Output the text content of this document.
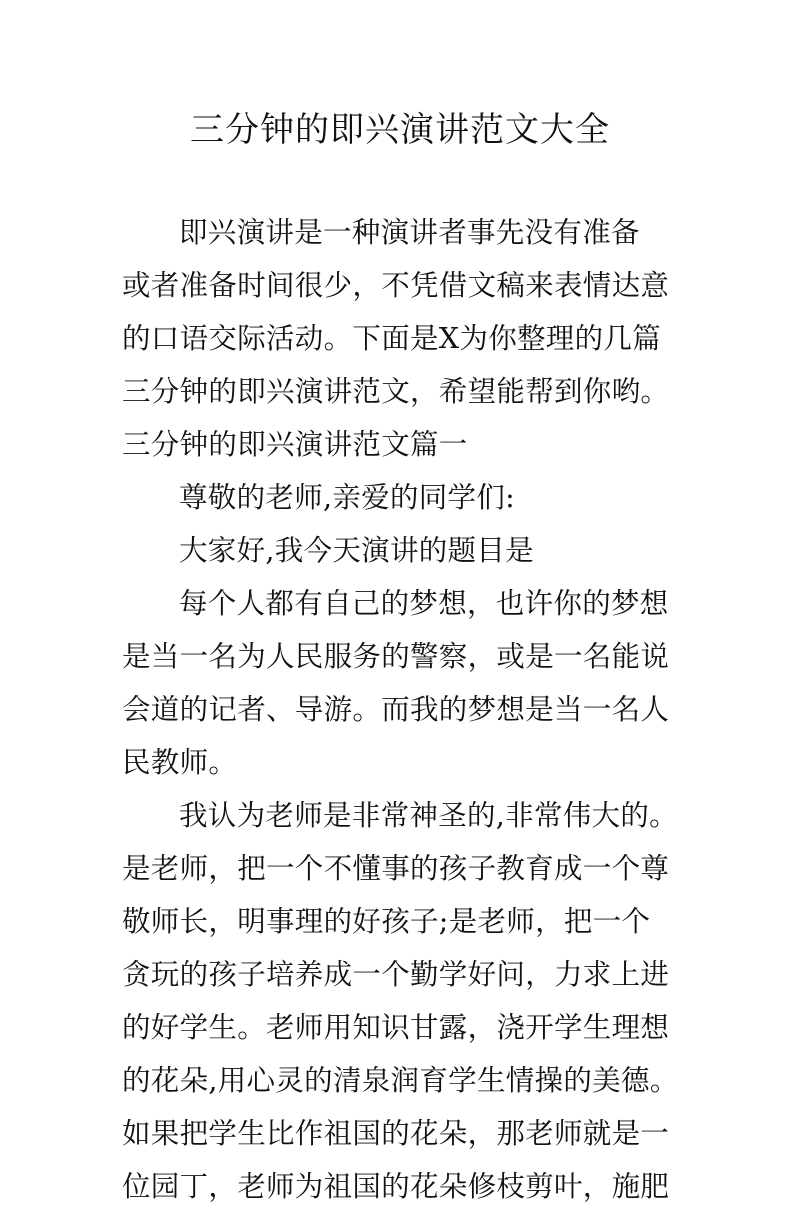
三分钟的即兴演讲范文大全
即兴演讲是一种演讲者事先没有准备
或者准备时间很少，不凭借文稿来表情达意
的口语交际活动。下面是X为你整理的几篇
三分钟的即兴演讲范文，希望能帮到你哟。
三分钟的即兴演讲范文篇一
尊敬的老师,亲爱的同学们:
大家好,我今天演讲的题目是
每个人都有自己的梦想，也许你的梦想
是当一名为人民服务的警察，或是一名能说
会道的记者、导游。而我的梦想是当一名人
民教师。
我认为老师是非常神圣的,非常伟大的。
是老师，把一个不懂事的孩子教育成一个尊
敬师长，明事理的好孩子;是老师，把一个
贪玩的孩子培养成一个勤学好问，力求上进
的好学生。老师用知识甘露，浇开学生理想
的花朵,用心灵的清泉润育学生情操的美德。
如果把学生比作祖国的花朵，那老师就是一
位园丁，老师为祖国的花朵修枝剪叶，施肥
